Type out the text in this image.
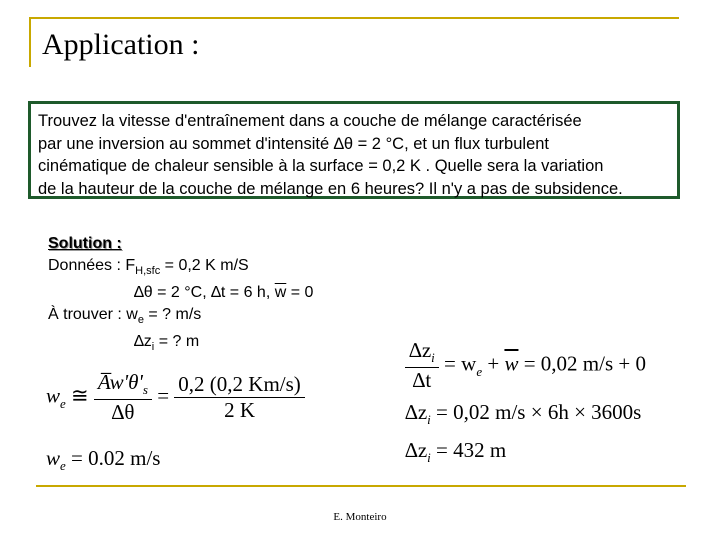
Application :
Trouvez la vitesse d'entraînement dans a couche de mélange caractérisée
par une inversion au sommet d'intensité ∆θ = 2 °C, et un flux turbulent
cinématique de chaleur sensible à la surface = 0,2 K . Quelle sera la variation
de la hauteur de la couche de mélange en 6 heures? Il n'y a pas de subsidence.
Solution :
Données : $F_{H,sfc} = 0,2$ K m/S
∆θ = 2 °C, ∆t = 6 h, $\overline{w} = 0$
À trouver : $w_e$ = ? m/s
$\Delta z_i$ = ? m
$w_e$ ≅ $\frac{A̅w'\theta'_s}{\Delta\theta} = \frac{0,2 (0,2 Km/s)}{2 K}$
$w_e = 0.02$ m/s
$\frac{\Delta z_i}{\Delta t} = w_e + \overline{w} = 0,02$ m/s + 0
$\Delta z_i = 0,02$ m/s × 6h × 3600s
$\Delta z_i = 432$ m
E. Monteiro
